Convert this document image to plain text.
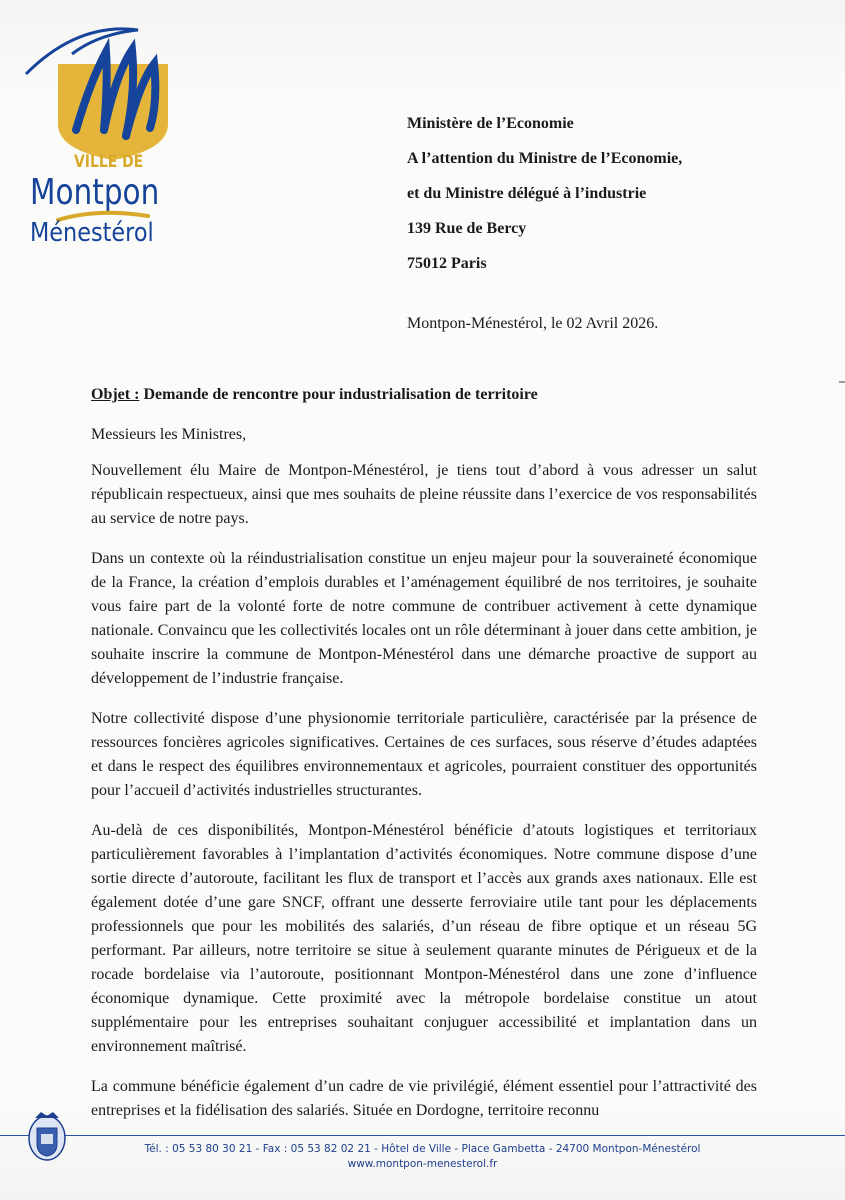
VILLE DE
Montpon
Ménestérol
Ministère de l’Economie
A l’attention du Ministre de l’Economie,
et du Ministre délégué à l’industrie
139 Rue de Bercy
75012 Paris
Montpon-Ménestérol, le 02 Avril 2026.
Objet : Demande de rencontre pour industrialisation de territoire
Messieurs les Ministres,

Nouvellement élu Maire de Montpon-Ménestérol, je tiens tout d’abord à vous adresser un salut républicain respectueux, ainsi que mes souhaits de pleine réussite dans l’exercice de vos responsabilités au service de notre pays.

Dans un contexte où la réindustrialisation constitue un enjeu majeur pour la souveraineté économique de la France, la création d’emplois durables et l’aménagement équilibré de nos territoires, je souhaite vous faire part de la volonté forte de notre commune de contribuer activement à cette dynamique nationale. Convaincu que les collectivités locales ont un rôle déterminant à jouer dans cette ambition, je souhaite inscrire la commune de Montpon-Ménestérol dans une démarche proactive de support au développement de l’industrie française.

Notre collectivité dispose d’une physionomie territoriale particulière, caractérisée par la présence de ressources foncières agricoles significatives. Certaines de ces surfaces, sous réserve d’études adaptées et dans le respect des équilibres environnementaux et agricoles, pourraient constituer des opportunités pour l’accueil d’activités industrielles structurantes.

Au-delà de ces disponibilités, Montpon-Ménestérol bénéficie d’atouts logistiques et territoriaux particulièrement favorables à l’implantation d’activités économiques. Notre commune dispose d’une sortie directe d’autoroute, facilitant les flux de transport et l’accès aux grands axes nationaux. Elle est également dotée d’une gare SNCF, offrant une desserte ferroviaire utile tant pour les déplacements professionnels que pour les mobilités des salariés, d’un réseau de fibre optique et un réseau 5G performant. Par ailleurs, notre territoire se situe à seulement quarante minutes de Périgueux et de la rocade bordelaise via l’autoroute, positionnant Montpon-Ménestérol dans une zone d’influence économique dynamique. Cette proximité avec la métropole bordelaise constitue un atout supplémentaire pour les entreprises souhaitant conjuguer accessibilité et implantation dans un environnement maîtrisé.

La commune bénéficie également d’un cadre de vie privilégié, élément essentiel pour l’attractivité des entreprises et la fidélisation des salariés. Située en Dordogne, territoire reconnu

Tél. : 05 53 80 30 21 - Fax : 05 53 82 02 21 - Hôtel de Ville - Place Gambetta - 24700 Montpon-Ménestérol
www.montpon-menesterol.fr
